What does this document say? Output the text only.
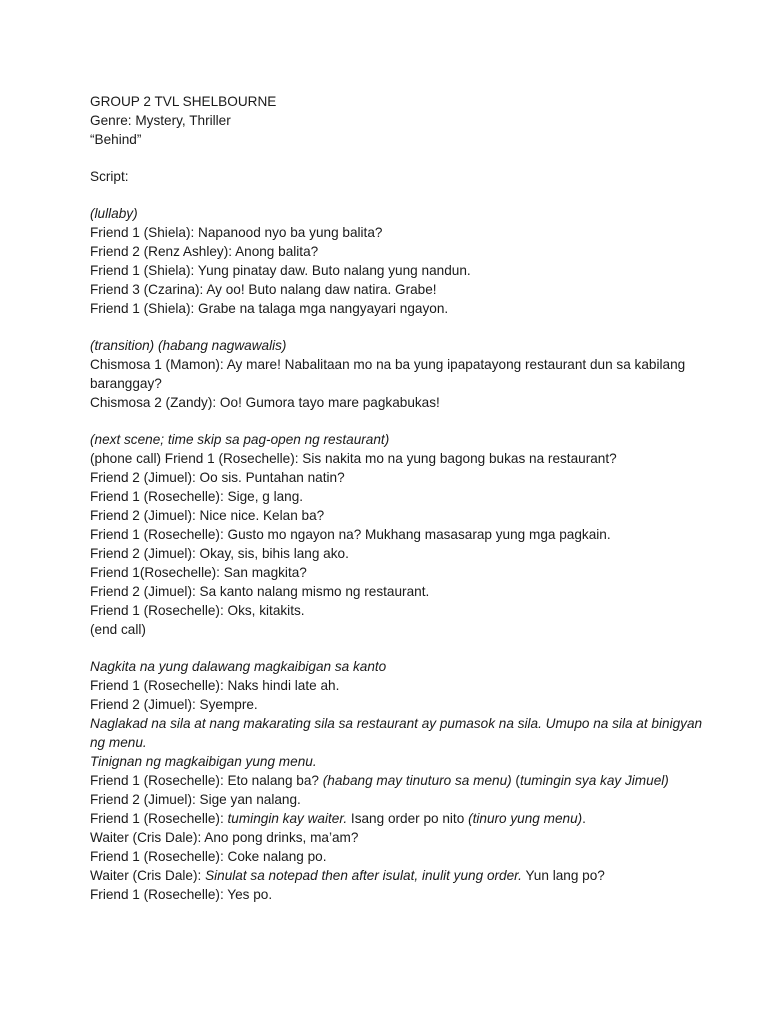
GROUP 2 TVL SHELBOURNE
Genre: Mystery, Thriller
“Behind”
Script:
(lullaby)
Friend 1 (Shiela): Napanood nyo ba yung balita?
Friend 2 (Renz Ashley): Anong balita?
Friend 1 (Shiela): Yung pinatay daw. Buto nalang yung nandun.
Friend 3 (Czarina): Ay oo! Buto nalang daw natira. Grabe!
Friend 1 (Shiela): Grabe na talaga mga nangyayari ngayon.
(transition) (habang nagwawalis)
Chismosa 1 (Mamon): Ay mare! Nabalitaan mo na ba yung ipapatayong restaurant dun sa kabilang baranggay?
Chismosa 2 (Zandy): Oo! Gumora tayo mare pagkabukas!
(next scene; time skip sa pag-open ng restaurant)
(phone call) Friend 1 (Rosechelle): Sis nakita mo na yung bagong bukas na restaurant?
Friend 2 (Jimuel): Oo sis. Puntahan natin?
Friend 1 (Rosechelle): Sige, g lang.
Friend 2 (Jimuel): Nice nice. Kelan ba?
Friend 1 (Rosechelle): Gusto mo ngayon na? Mukhang masasarap yung mga pagkain.
Friend 2 (Jimuel): Okay, sis, bihis lang ako.
Friend 1(Rosechelle): San magkita?
Friend 2 (Jimuel): Sa kanto nalang mismo ng restaurant.
Friend 1 (Rosechelle): Oks, kitakits.
(end call)
Nagkita na yung dalawang magkaibigan sa kanto
Friend 1 (Rosechelle): Naks hindi late ah.
Friend 2 (Jimuel): Syempre.
Naglakad na sila at nang makarating sila sa restaurant ay pumasok na sila. Umupo na sila at binigyan ng menu.
Tinignan ng magkaibigan yung menu.
Friend 1 (Rosechelle): Eto nalang ba? (habang may tinuturo sa menu) (tumingin sya kay Jimuel)
Friend 2 (Jimuel): Sige yan nalang.
Friend 1 (Rosechelle): tumingin kay waiter. Isang order po nito (tinuro yung menu).
Waiter (Cris Dale): Ano pong drinks, ma’am?
Friend 1 (Rosechelle): Coke nalang po.
Waiter (Cris Dale): Sinulat sa notepad then after isulat, inulit yung order. Yun lang po?
Friend 1 (Rosechelle): Yes po.
